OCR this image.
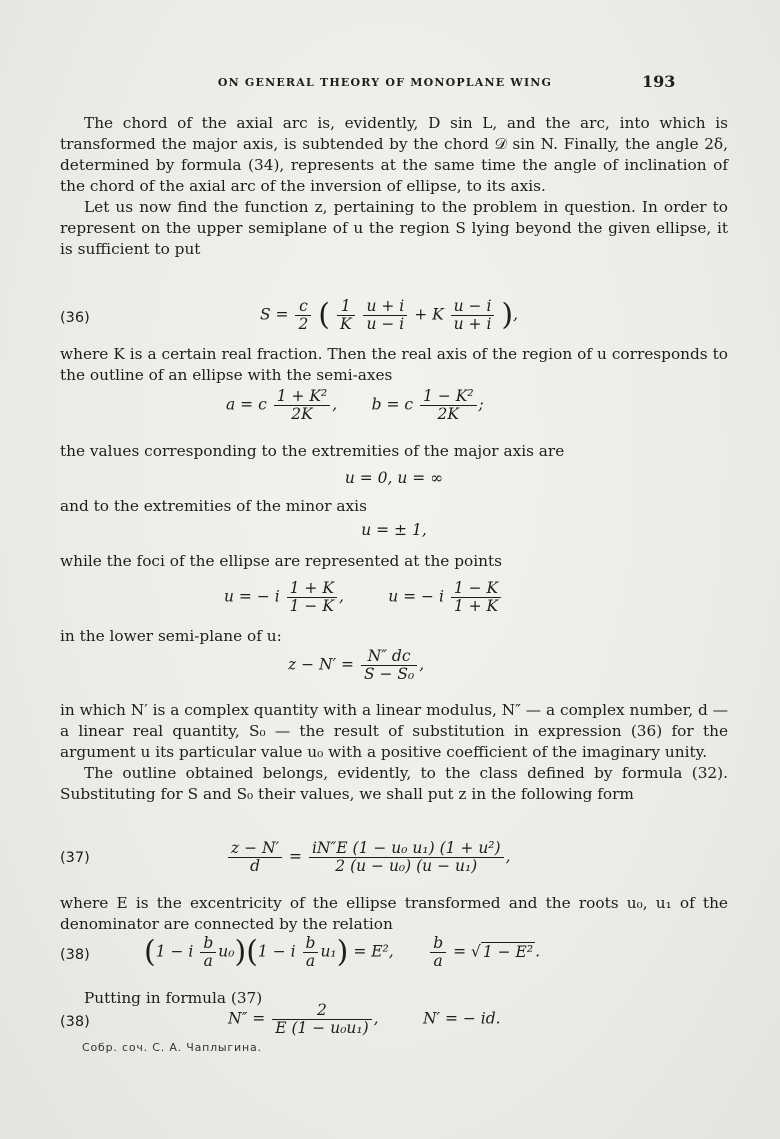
ON GENERAL THEORY OF MONOPLANE WING	193

The chord of the axial arc is, evidently, D sin L, and the arc, into which is transformed the major axis, is subtended by the chord 𝒟 sin N. Finally, the angle 2δ, determined by formula (34), represents at the same time the angle of inclination of the chord of the axial arc of the inversion of ellipse, to its axis.

Let us now find the function z, pertaining to the problem in question. In order to represent on the upper semiplane of u the region S lying beyond the given ellipse, it is sufficient to put

(36)	$S = \frac{c}{2}$ ( $\frac{1}{K}$
$\frac{u + i}{u - i} + K \frac{u - i}{u + i}$ ),

where K is a certain real fraction. Then the real axis of the region of u corresponds to the outline of an ellipse with the semi-axes

a = c $\frac{\text{1 + K²}}{2K}$ , b = c $\frac{\text{1 − K²}}{2K}$ ;

the values corresponding to the extremities of the major axis are

u = 0, u = ∞

and to the extremities of the minor axis

u = ± 1,

while the foci of the ellipse are represented at the points

u = − i $\frac{1 + K}{1 - K}$ ,	u = − i $\frac{1 - K}{1 + K}$

in the lower semi-plane of u:

$z - N' = \frac{N'' dc}{\text{S − S₀}}$ ,

in which N′ is a complex quantity with a linear modulus, N″ — a complex number, d — a linear real quantity, S₀ — the result of substitution in expression (36) for the argument u its particular value u₀ with a positive coefficient of the imaginary unity.

The outline obtained belongs, evidently, to the class defined by formula (32). Substituting for S and S₀ their values, we shall put z in the following form

(37)	$\frac{z - N'}{d} = \frac{\text{iN″E (1 − u₀ u₁) (1 + u²)}}{\text{2 (u − u₀) (u − u₁)}}$ ,

where E is the excentricity of the ellipse transformed and the roots u₀, u₁ of the denominator are connected by the relation

(38) (1 − i $\frac{b}{a} u_0)(1 - i \frac{b}{a} u_1) = E^2$, $\frac{b}{a}$ = √ 1 − E² .

Putting in formula (37)

(38)	$N'' = \frac{2}{\text{E (1 − u₀u₁)}}$ ,	N′ = − id.
Собр. соч. С. А. Чаплыгина.
